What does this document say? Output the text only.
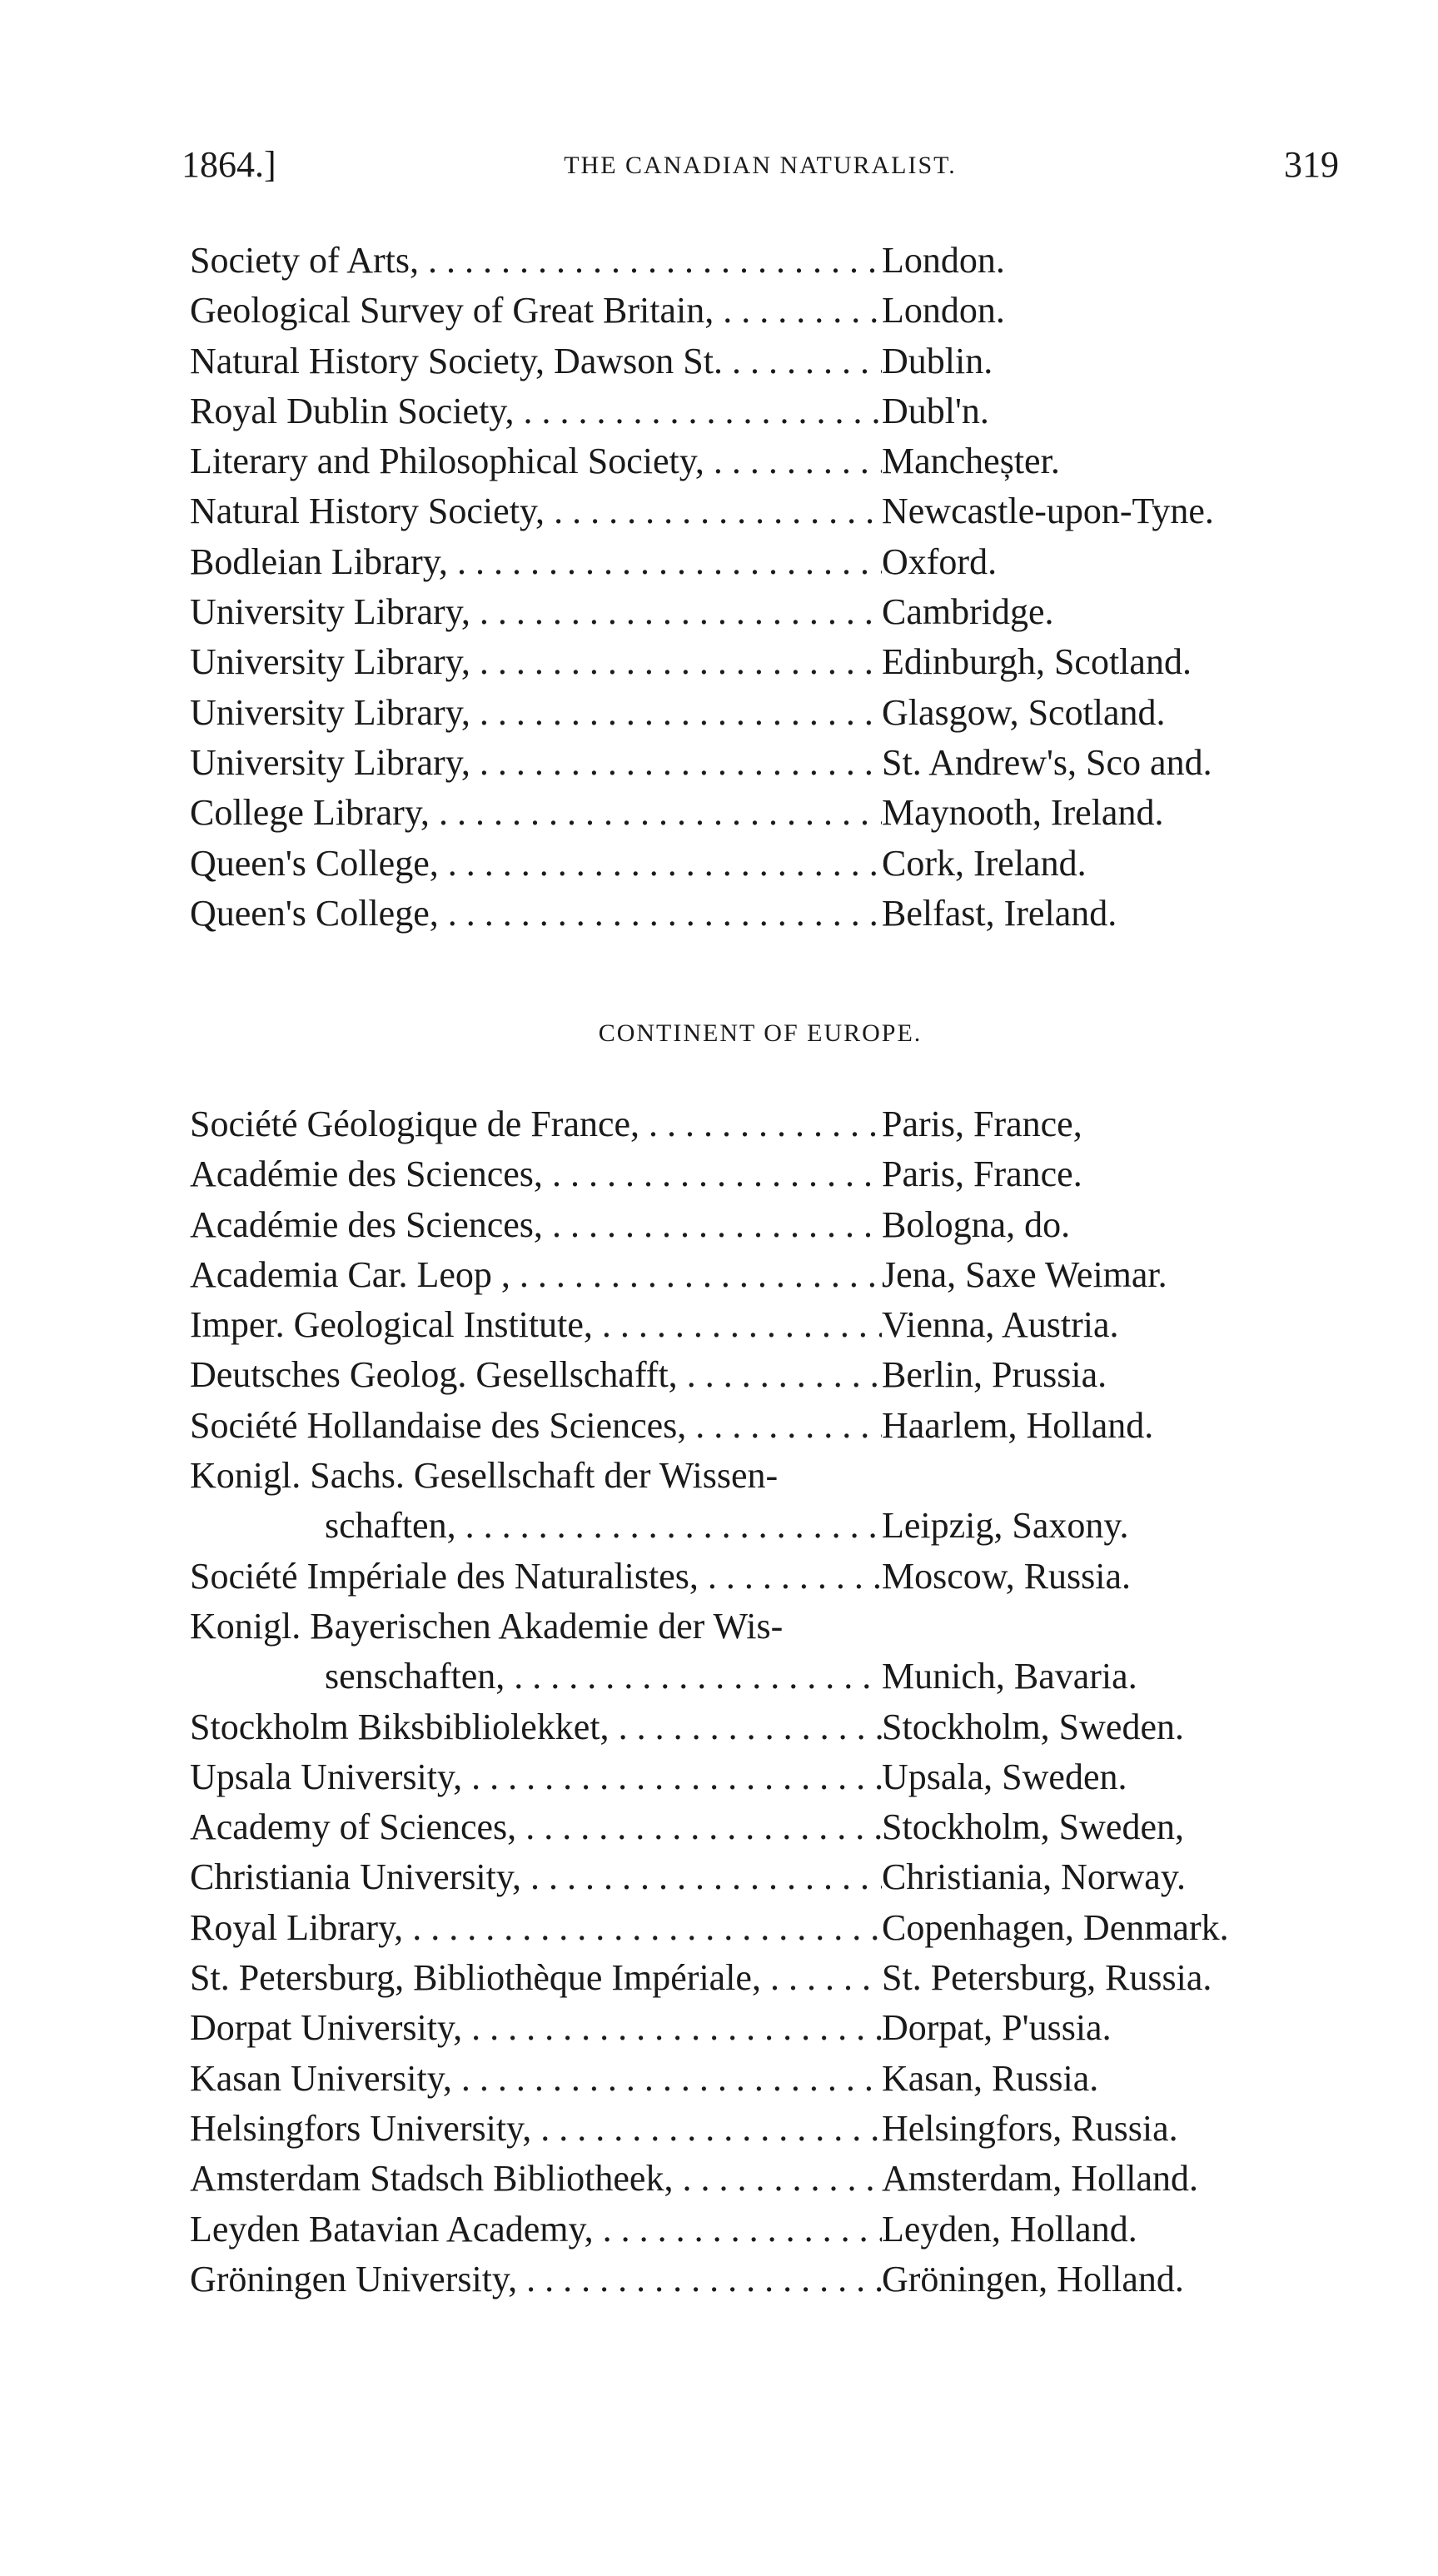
1864.]	THE CANADIAN NATURALIST.	319
Society of Arts, . . .	London.
Geological Survey of Great Britain, . . .	London.
Natural History Society, Dawson St. . . .	Dublin.
Royal Dublin Society, . . .	Dubl'n.
Literary and Philosophical Society, . . .	Mancheșter.
Natural History Society, . . .	Newcastle-upon-Tyne.
Bodleian Library, . . .	Oxford.
University Library, . . .	Cambridge.
University Library, . . .	Edinburgh, Scotland.
University Library, . . .	Glasgow, Scotland.
University Library, . . .	St. Andrew's, Sco and.
College Library, . . .	Maynooth, Ireland.
Queen's College, . . .	Cork, Ireland.
Queen's College, . . .	Belfast, Ireland.
CONTINENT OF EUROPE.
Société Géologique de France, . . .	Paris, France,
Académie des Sciences, . . .	Paris, France.
Académie des Sciences, . . .	Bologna, do.
Academia Car. Leop , . . .	Jena, Saxe Weimar.
Imper. Geological Institute, . . .	Vienna, Austria.
Deutsches Geolog. Gesellschafft, . . .	Berlin, Prussia.
Société Hollandaise des Sciences, . . .	Haarlem, Holland.
Konigl. Sachs. Gesellschaft der Wissen-
schaften, . . .	Leipzig, Saxony.
Société Impériale des Naturalistes, . . .	Moscow, Russia.
Konigl. Bayerischen Akademie der Wis-
senschaften, . . .	Munich, Bavaria.
Stockholm Biksbibliolekket, . . .	Stockholm, Sweden.
Upsala University, . . .	Upsala, Sweden.
Academy of Sciences, . . .	Stockholm, Sweden,
Christiania University, . . .	Christiania, Norway.
Royal Library, . . .	Copenhagen, Denmark.
St. Petersburg, Bibliothèque Impériale, . . .	St. Petersburg, Russia.
Dorpat University, . . .	Dorpat, P'ussia.
Kasan University, . . .	Kasan, Russia.
Helsingfors University, . . .	Helsingfors, Russia.
Amsterdam Stadsch Bibliotheek, . . .	Amsterdam, Holland.
Leyden Batavian Academy, . . .	Leyden, Holland.
Gröningen University, . . .	Gröningen, Holland.
